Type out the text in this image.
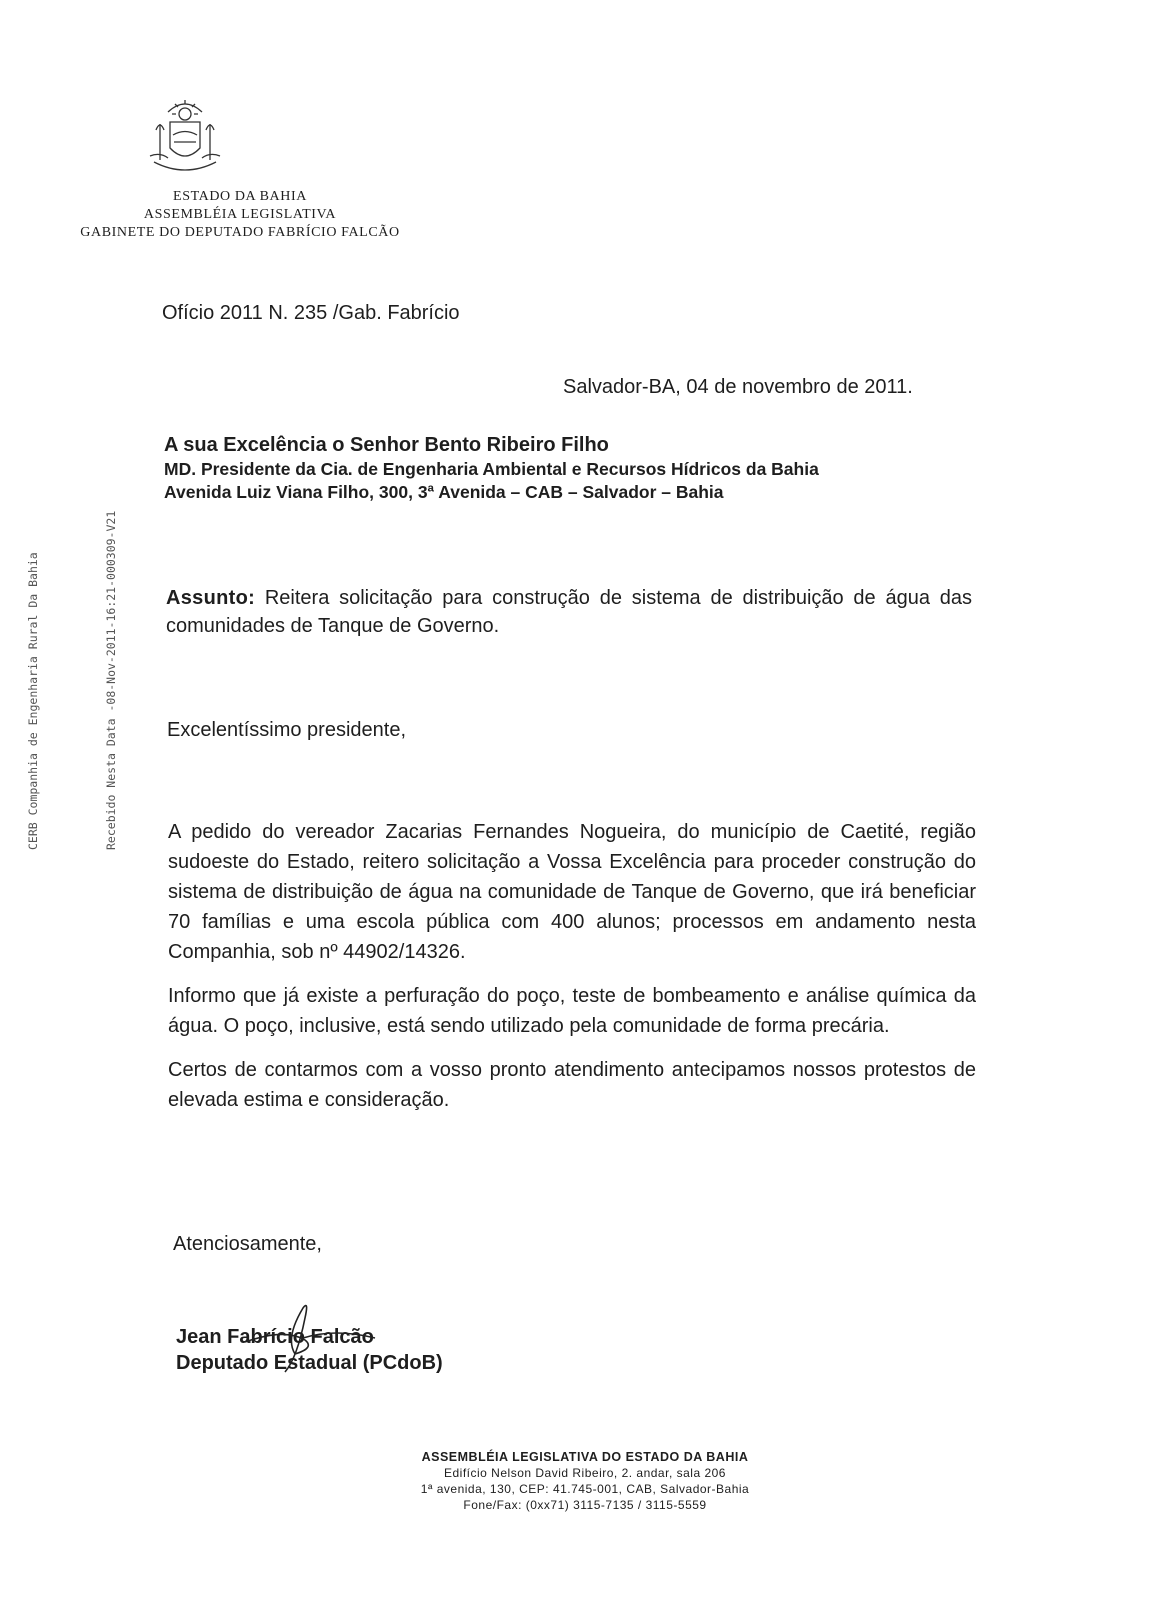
ESTADO DA BAHIA
ASSEMBLÉIA LEGISLATIVA
GABINETE DO DEPUTADO FABRÍCIO FALCÃO
Ofício 2011 N. 235 /Gab. Fabrício
Salvador-BA, 04 de novembro de 2011.
A sua Excelência o Senhor Bento Ribeiro Filho
MD. Presidente da Cia. de Engenharia Ambiental e Recursos Hídricos da Bahia
Avenida Luiz Viana Filho, 300, 3ª Avenida – CAB – Salvador – Bahia
Assunto: Reitera solicitação para construção de sistema de distribuição de água das comunidades de Tanque de Governo.
Excelentíssimo presidente,

A pedido do vereador Zacarias Fernandes Nogueira, do município de Caetité, região sudoeste do Estado, reitero solicitação a Vossa Excelência para proceder construção do sistema de distribuição de água na comunidade de Tanque de Governo, que irá beneficiar 70 famílias e uma escola pública com 400 alunos; processos em andamento nesta Companhia, sob nº 44902/14326.

Informo que já existe a perfuração do poço, teste de bombeamento e análise química da água. O poço, inclusive, está sendo utilizado pela comunidade de forma precária.

Certos de contarmos com a vosso pronto atendimento antecipamos nossos protestos de elevada estima e consideração.

Atenciosamente,
Jean Fabrício Falcão
Deputado Estadual (PCdoB)
ASSEMBLÉIA LEGISLATIVA DO ESTADO DA BAHIA
Edifício Nelson David Ribeiro, 2. andar, sala 206
1ª avenida, 130, CEP: 41.745-001, CAB, Salvador-Bahia
Fone/Fax: (0xx71) 3115-7135 / 3115-5559
CERB Companhia de Engenharia Rural Da Bahia	Recebido Nesta Data -08-Nov-2011-16:21-000309-V21
